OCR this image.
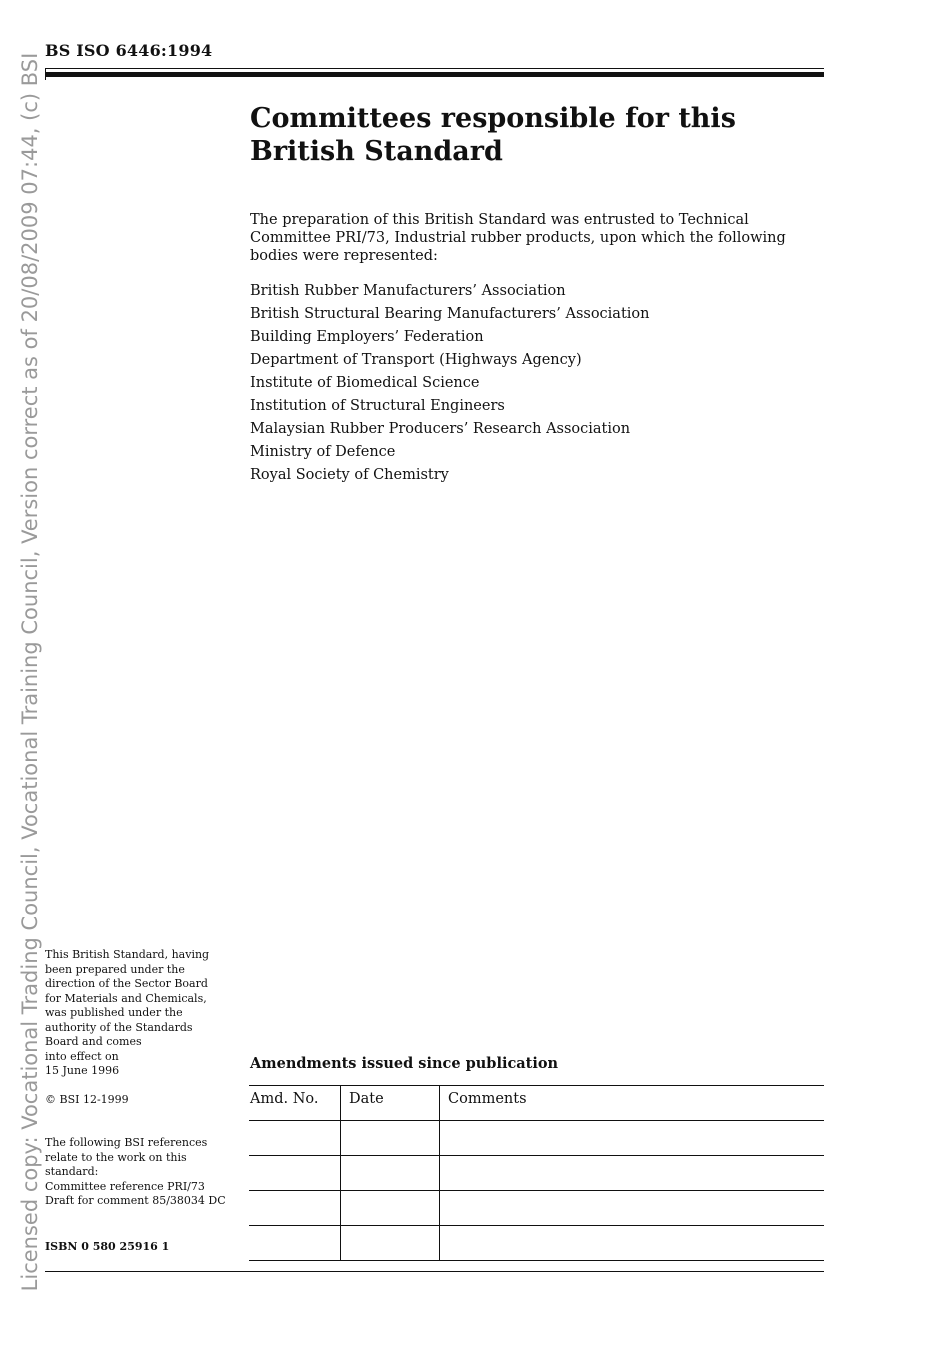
Licensed copy: Vocational Trading Council, Vocational Training Council, Version correct as of 20/08/2009 07:44, (c) BSI
BS ISO 6446:1994
Committees responsible for this
British Standard

The preparation of this British Standard was entrusted to Technical Committee PRI/73, Industrial rubber products, upon which the following bodies were represented:

British Rubber Manufacturers’ Association
British Structural Bearing Manufacturers’ Association
Building Employers’ Federation
Department of Transport (Highways Agency)
Institute of Biomedical Science
Institution of Structural Engineers
Malaysian Rubber Producers’ Research Association
Ministry of Defence
Royal Society of Chemistry

This British Standard, having
been prepared under the
direction of the Sector Board
for Materials and Chemicals,
was published under the
authority of the Standards
Board and comes
into effect on
15 June 1996

© BSI 12-1999

The following BSI references
relate to the work on this
standard:
Committee reference PRI/73
Draft for comment 85/38034 DC

ISBN 0 580 25916 1

Amendments issued since publication
Amd. No.	Date	Comments
